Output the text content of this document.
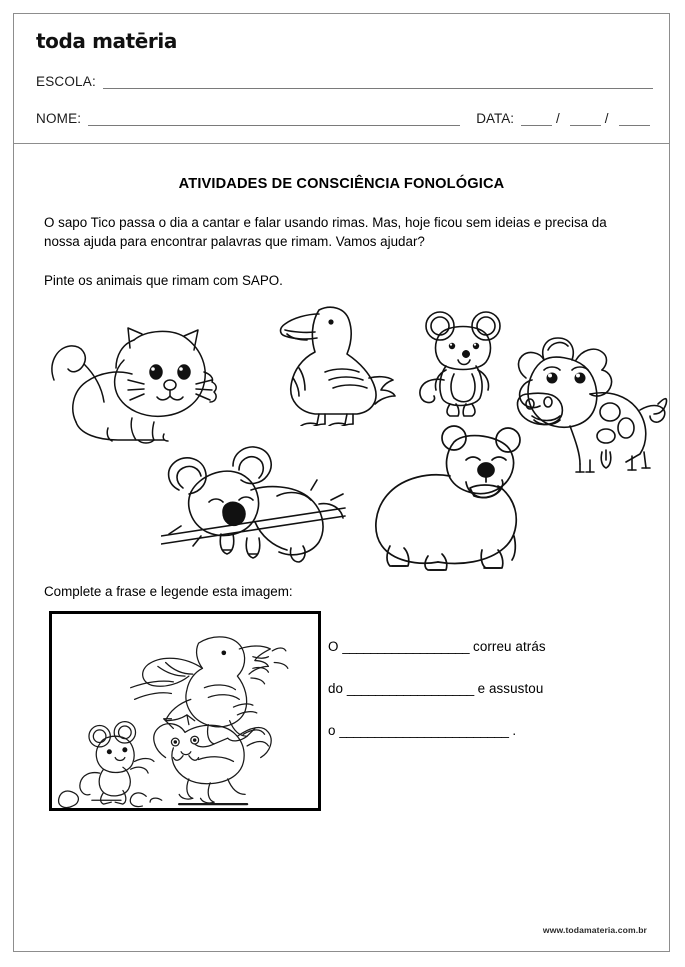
toda matēria
ESCOLA:
NOME:	DATA:	/	/
ATIVIDADES DE CONSCIÊNCIA FONOLÓGICA
O sapo Tico passa o dia a cantar e falar usando rimas. Mas, hoje ficou sem ideias e precisa da nossa ajuda para encontrar palavras que rimam. Vamos ajudar?
Pinte os animais que rimam com SAPO.
Complete a frase e legende esta imagem:
O __________________ correu atrás
do __________________ e assustou
o ________________________ .
www.todamateria.com.br
